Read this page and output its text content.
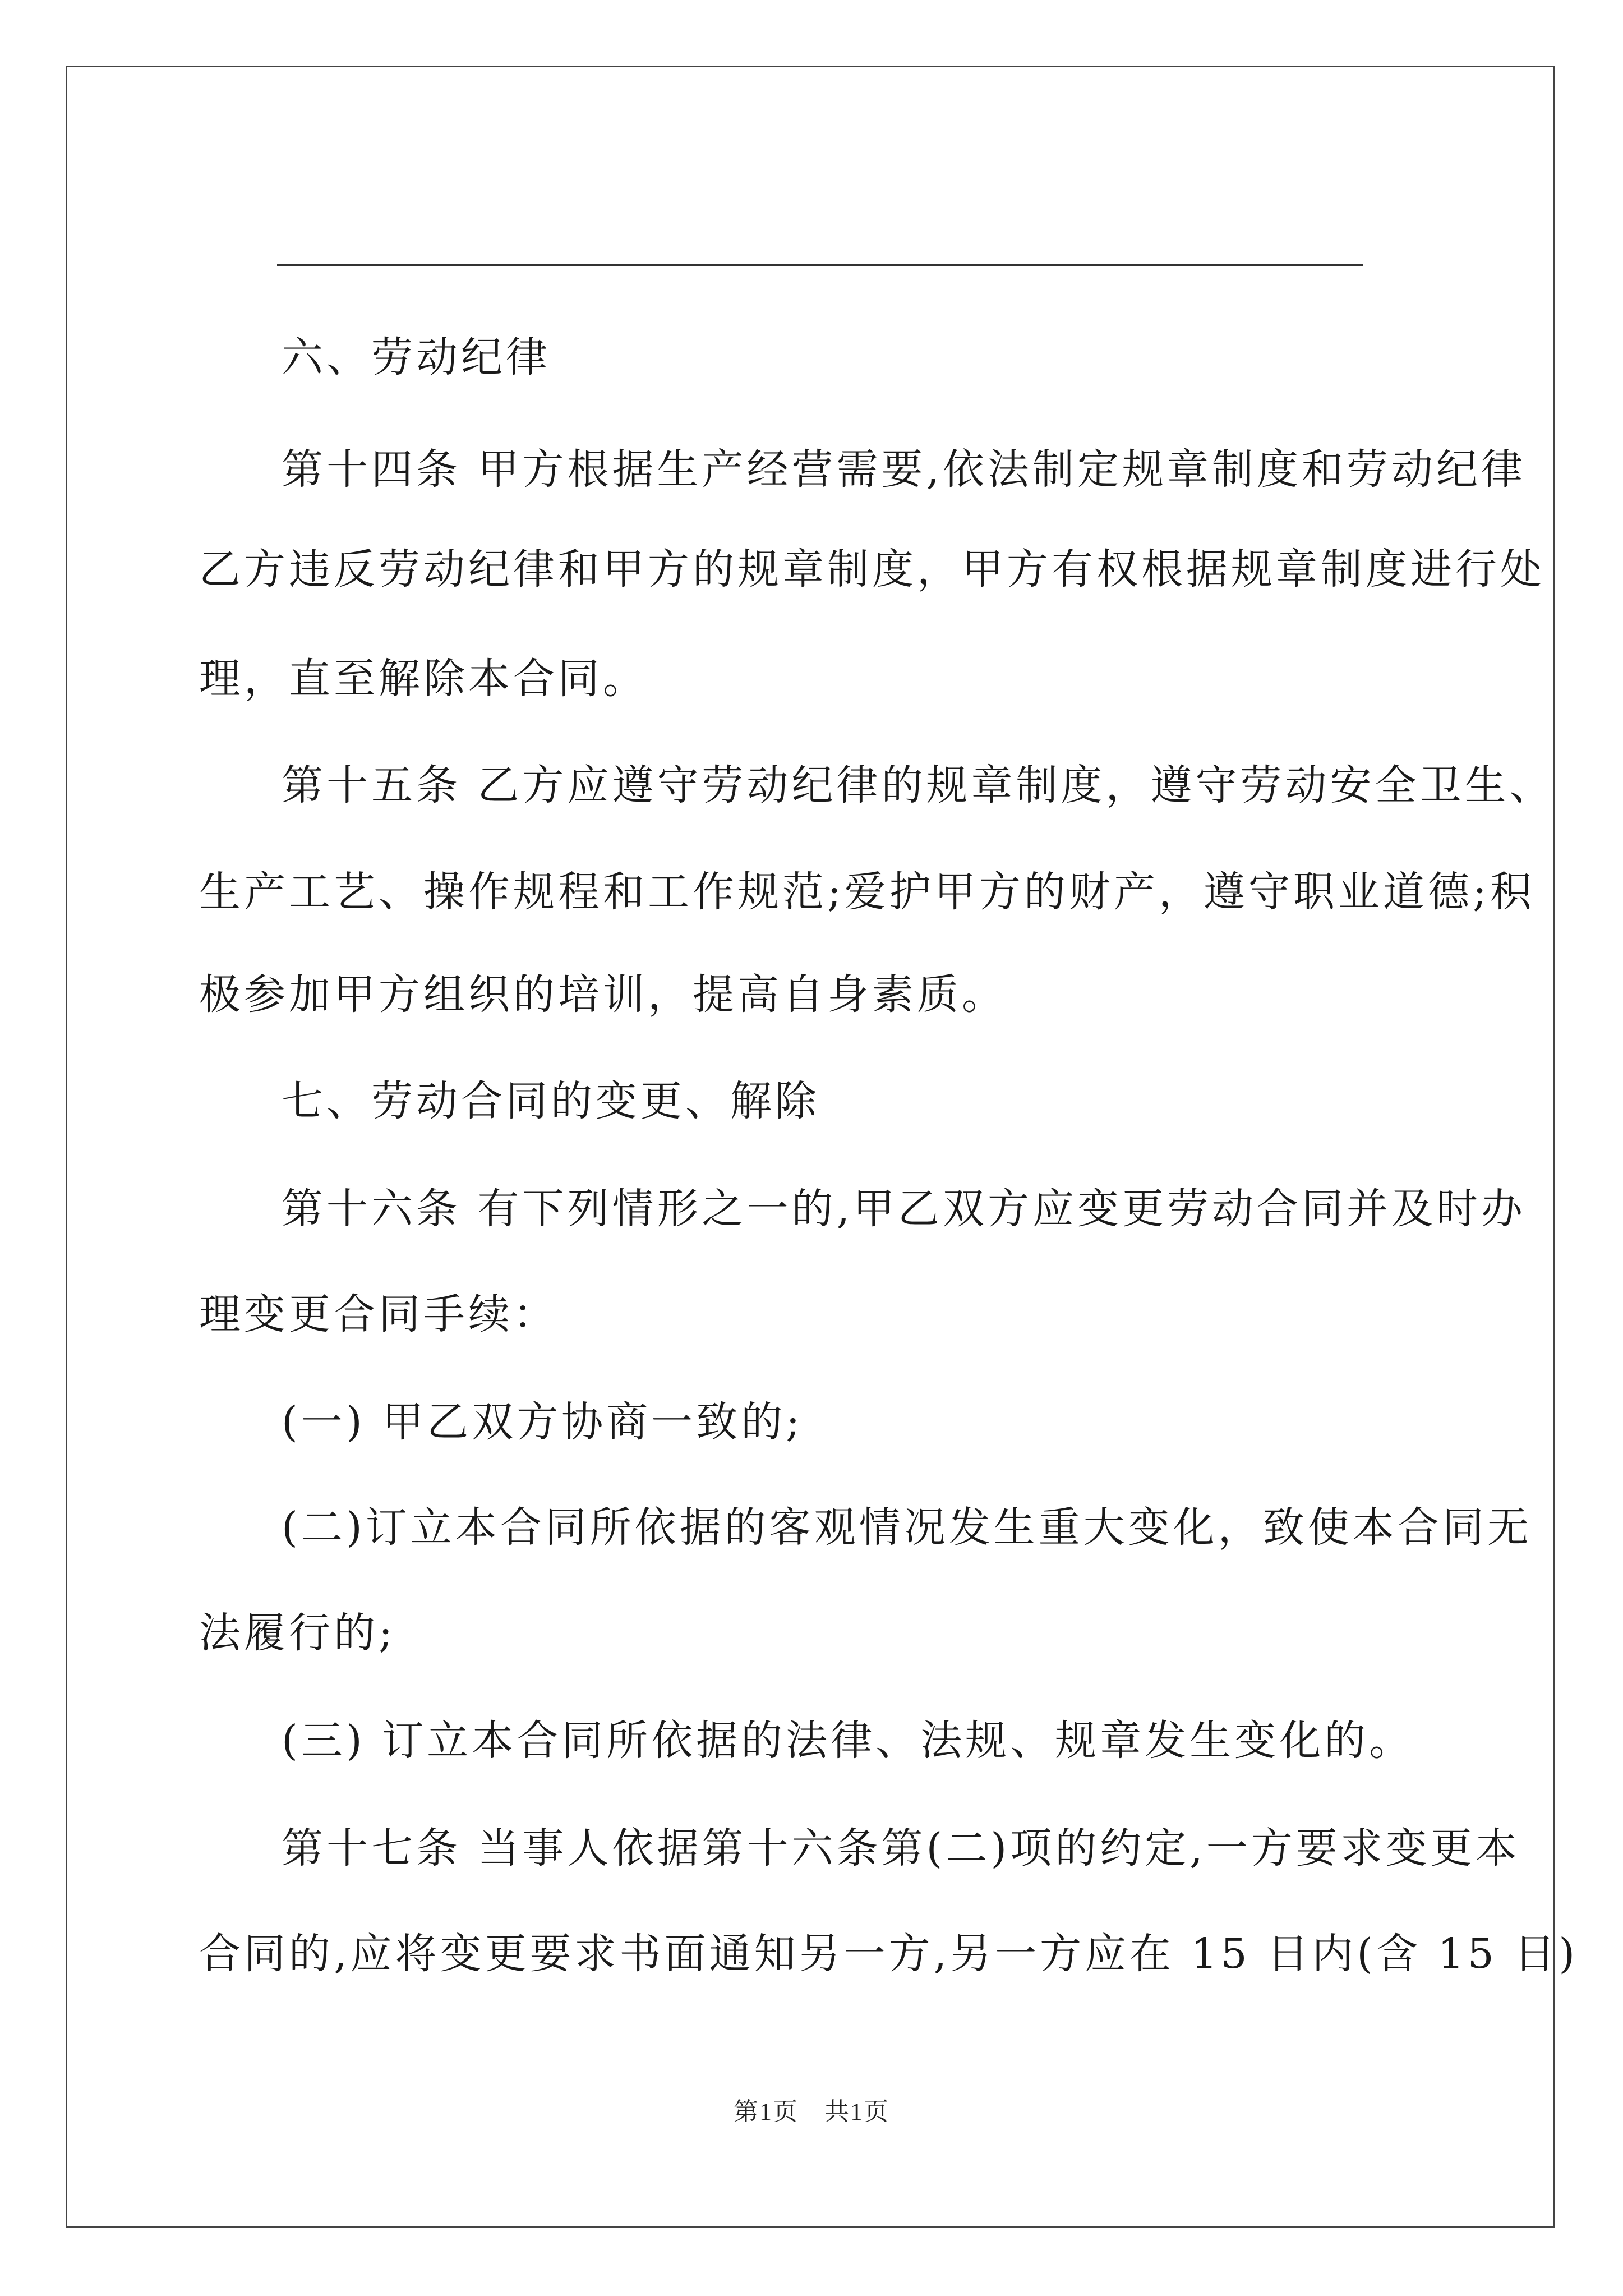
六、劳动纪律

第十四条 甲方根据生产经营需要,依法制定规章制度和劳动纪律

乙方违反劳动纪律和甲方的规章制度，甲方有权根据规章制度进行处

理，直至解除本合同。

第十五条 乙方应遵守劳动纪律的规章制度，遵守劳动安全卫生、

生产工艺、操作规程和工作规范;爱护甲方的财产，遵守职业道德;积

极参加甲方组织的培训，提高自身素质。

七、劳动合同的变更、解除

第十六条 有下列情形之一的,甲乙双方应变更劳动合同并及时办

理变更合同手续：

(一) 甲乙双方协商一致的;

(二)订立本合同所依据的客观情况发生重大变化，致使本合同无

法履行的;

(三) 订立本合同所依据的法律、法规、规章发生变化的。

第十七条 当事人依据第十六条第(二)项的约定,一方要求变更本

合同的,应将变更要求书面通知另一方,另一方应在 15 日内(含 15 日)

第1页　共1页
